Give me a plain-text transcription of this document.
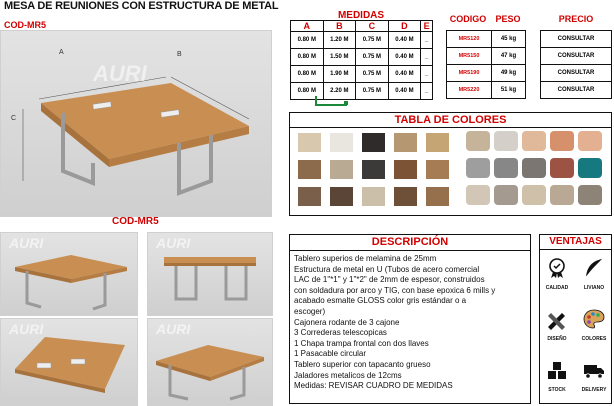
MESA DE REUNIONES CON ESTRUCTURA DE METAL
A	B
C
AURI
COD-MR5
COD-MR5
AURI	AURI
AURI	AURI
MEDIDAS
A	B	C	D	E
0.80 M	1.20 M	0.75 M	0.40 M	_
0.80 M	1.50 M	0.75 M	0.40 M	_
0.80 M	1.90 M	0.75 M	0.40 M	_
0.80 M	2.20 M	0.75 M	0.40 M	_
CODIGO	PESO
MR5120	45 kg
MR5150	47 kg
MR5190	49 kg
MR5220	51 kg
PRECIO
CONSULTAR
CONSULTAR
CONSULTAR
CONSULTAR
TABLA DE COLORES
DESCRIPCIÓN
Tablero superios de melamina de 25mm
Estructura de metal en U (Tubos de acero comercial
LAC de 1"*1" y 1"*2" de 2mm de espesor, construidos
con soldadura por arco y TIG, con base epoxica 6 mills y
acabado esmalte GLOSS color gris estándar o a
escoger)
Cajonera rodante de 3 cajone
3 Correderas telescopicas
1 Chapa trampa frontal con dos llaves
1 Pasacable circular
Tablero superior con tapacanto grueso
Jaladores metalicos de 12cms
Medidas: REVISAR CUADRO DE MEDIDAS
VENTAJAS
CALIDAD	LIVIANO
DISEÑO	COLORES
STOCK	DELIVERY
